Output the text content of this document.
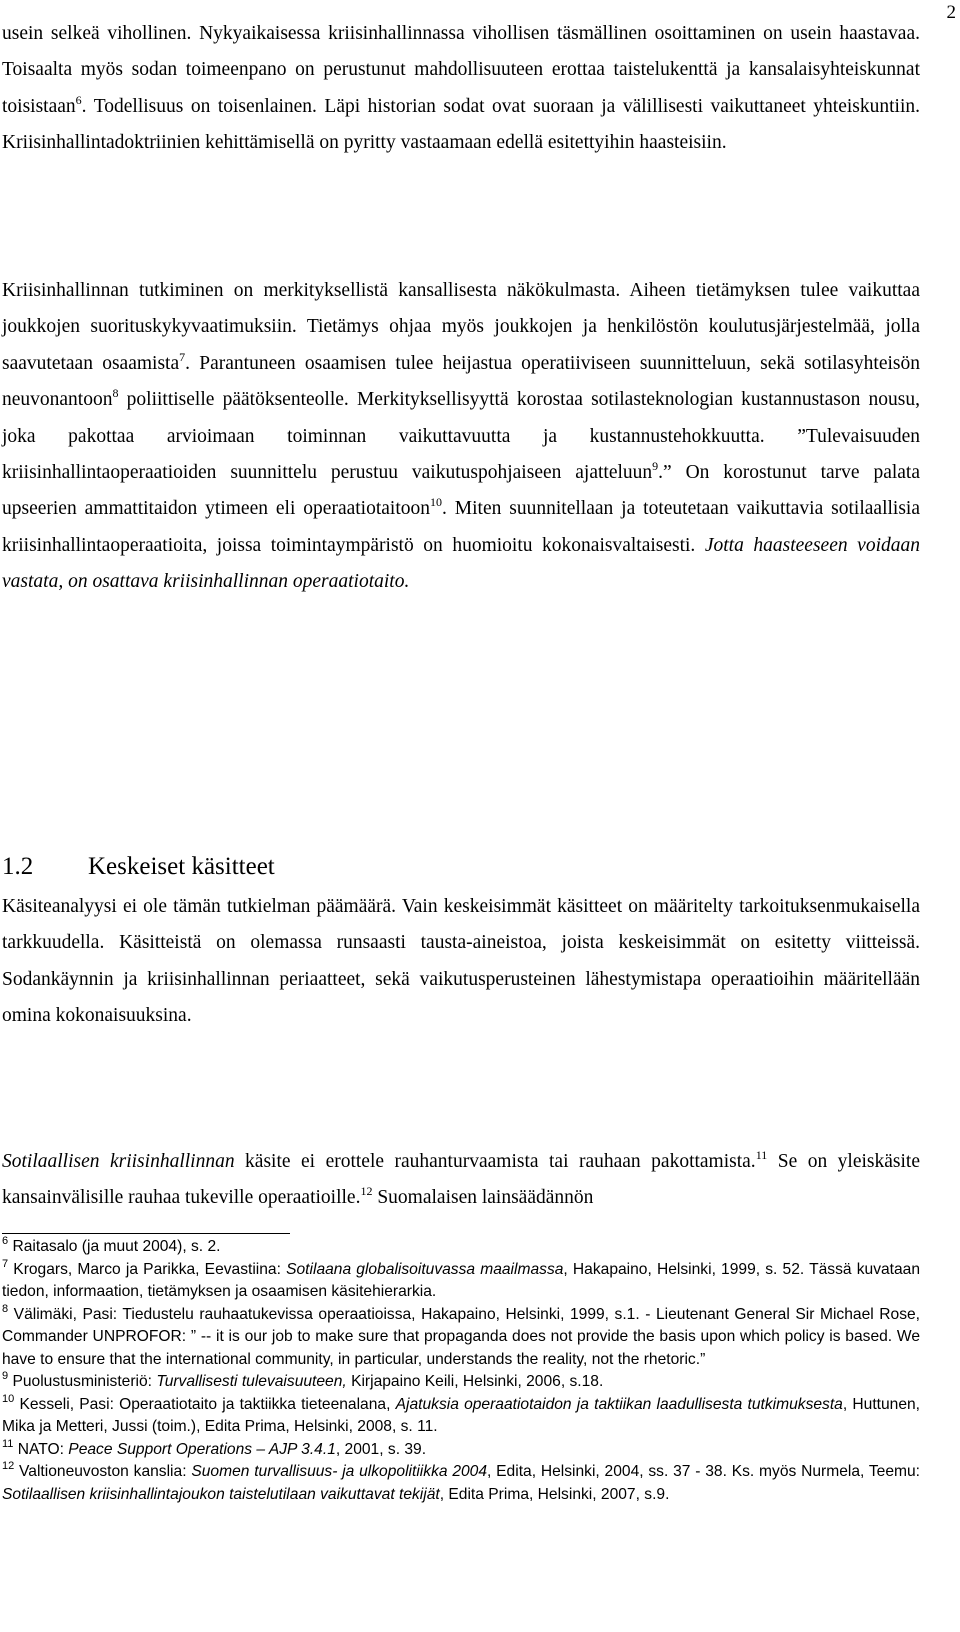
2

usein selkeä vihollinen. Nykyaikaisessa kriisinhallinnassa vihollisen täsmällinen osoittaminen on usein haastavaa. Toisaalta myös sodan toimeenpano on perustunut mahdollisuuteen erottaa taistelukenttä ja kansalaisyhteiskunnat toisistaan$^6$. Todellisuus on toisenlainen. Läpi historian sodat ovat suoraan ja välillisesti vaikuttaneet yhteiskuntiin. Kriisinhallintadoktriinien kehittämisellä on pyritty vastaamaan edellä esitettyihin haasteisiin.

Kriisinhallinnan tutkiminen on merkityksellistä kansallisesta näkökulmasta. Aiheen tietämyksen tulee vaikuttaa joukkojen suorituskykyvaatimuksiin. Tietämys ohjaa myös joukkojen ja henkilöstön koulutusjärjestelmää, jolla saavutetaan osaamista$^7$. Parantuneen osaamisen tulee heijastua operatiiviseen suunnitteluun, sekä sotilasyhteisön neuvonantoon$^8$ poliittiselle päätöksenteolle. Merkityksellisyyttä korostaa sotilasteknologian kustannustason nousu, joka pakottaa arvioimaan toiminnan vaikuttavuutta ja kustannustehokkuutta. ”Tulevaisuuden kriisinhallintaoperaatioiden suunnittelu perustuu vaikutuspohjaiseen ajatteluun$^9$.” On korostunut tarve palata upseerien ammattitaidon ytimeen eli operaatiotaitoon$^{10}$. Miten suunnitellaan ja toteutetaan vaikuttavia sotilaallisia kriisinhallintaoperaatioita, joissa toimintaympäristö on huomioitu kokonaisvaltaisesti. Jotta haasteeseen voidaan vastata, on osattava kriisinhallinnan operaatiotaito.

1.2 Keskeiset käsitteet

Käsiteanalyysi ei ole tämän tutkielman päämäärä. Vain keskeisimmät käsitteet on määritelty tarkoituksenmukaisella tarkkuudella. Käsitteistä on olemassa runsaasti tausta-aineistoa, joista keskeisimmät on esitetty viitteissä. Sodankäynnin ja kriisinhallinnan periaatteet, sekä vaikutusperusteinen lähestymistapa operaatioihin määritellään omina kokonaisuuksina.

Sotilaallisen kriisinhallinnan käsite ei erottele rauhanturvaamista tai rauhaan pakottamista.$^{11}$ Se on yleiskäsite kansainvälisille rauhaa tukeville operaatioille.$^{12}$ Suomalaisen lainsäädännön

$^6$ Raitasalo (ja muut 2004), s. 2.

$^7$ Krogars, Marco ja Parikka, Eevastiina: Sotilaana globalisoituvassa maailmassa, Hakapaino, Helsinki, 1999, s. 52. Tässä kuvataan tiedon, informaation, tietämyksen ja osaamisen käsitehierarkia.

$^8$ Välimäki, Pasi: Tiedustelu rauhaatukevissa operaatioissa, Hakapaino, Helsinki, 1999, s.1. - Lieutenant General Sir Michael Rose, Commander UNPROFOR: ” -- it is our job to make sure that propaganda does not provide the basis upon which policy is based. We have to ensure that the international community, in particular, understands the reality, not the rhetoric.”

$^9$ Puolustusministeriö: Turvallisesti tulevaisuuteen, Kirjapaino Keili, Helsinki, 2006, s.18.

$^{10}$ Kesseli, Pasi: Operaatiotaito ja taktiikka tieteenalana, Ajatuksia operaatiotaidon ja taktiikan laadullisesta tutkimuksesta, Huttunen, Mika ja Metteri, Jussi (toim.), Edita Prima, Helsinki, 2008, s. 11.

$^{11}$ NATO: Peace Support Operations – AJP 3.4.1, 2001, s. 39.

$^{12}$ Valtioneuvoston kanslia: Suomen turvallisuus- ja ulkopolitiikka 2004, Edita, Helsinki, 2004, ss. 37 - 38. Ks. myös Nurmela, Teemu: Sotilaallisen kriisinhallintajoukon taistelutilaan vaikuttavat tekijät, Edita Prima, Helsinki, 2007, s.9.
